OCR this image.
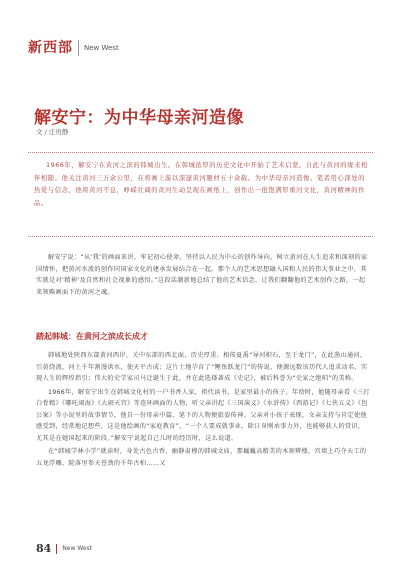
新西部 New West
解安宁：为中华母亲河造像
文 / 庄贵静

1966年，解安宁在黄河之滨的韩城出生。在韩城浓厚的历史文化中开始了艺术启蒙。自此与黄河的缘来相伴相随。他关注黄河三万余公里，在将画上游以深邃黄河题材五十余载。为中华母亲河造像。笔者用心深处的热爱与信念，他将黄河不息，峥嵘壮阔的黄河生动呈现在画纸上，创作出一批饱满厚重河文化，黄河精神的作品。

解安宁说：“从‘我’的画面来讲，牢记初心使命，坚持以人民为中心的创作导向，树立黄河在人生追求和深刻的家国情怀，把黄河水流的创作同国家文化的建承发展结合在一起。那个人的艺术思想融入国和人民的伟大事业之中，其实就是对‘精神’及自然和社会视象的感悟。”这段话潮新地总结了他的艺术信念，让我们翻翻他的艺术创作之路，一起来领略画面下的黄河之魂。

踏起韩城：在黄河之滨成长成才

韩城地处陕西东部黄河西岸，关中东部的西北面，历史厚重。相传夏禹“导河积石，至于龙门”，在此凿山通河，引黄绕流，河土千年割漫洪水，使天平古成；这片土地孕育了“鲤鱼跃龙门”的传说，便源远数该历代人追求动名、实现人生的辉煌指引；伟大的史学家司马迁诞生于此，并在此选择著成《史记》，被后科誉为“史家之绝唱”的美称。

1966年，解安宁出生在韩城文化村的一户书香人家，祖代读书，是家里最小的孩子。年幼时，他随母亲看《三打白骨精》《哪吒闹海》《大闹天宫》等连环画面的人物，听父亲讲起《三国演义》《水浒传》《西游记》《七侠五义》《包公案》等小说里的故事情节，他自一份母亲中篇，笔下的人物便旅姿传神。父亲对小孩子表现，文亲支持与肯定使他感受到，经常地记想些，这是他绘画的“家庭教育”，“一个人要成就事业，除日身刚承事力外，也能够获人的赏识，尤其是在她国起来的阶段。”解安宁说起自己儿时的经历时，这么说道。

在“韩城学林小学”就读时，身处古色古香、幽静肃穆的韩城文庙，那巍巍高精美的木刻辨楼，宫墙上巧夺天工的五龙浮雕，院落里参天苍劲的千年古柏……又

84 New West
